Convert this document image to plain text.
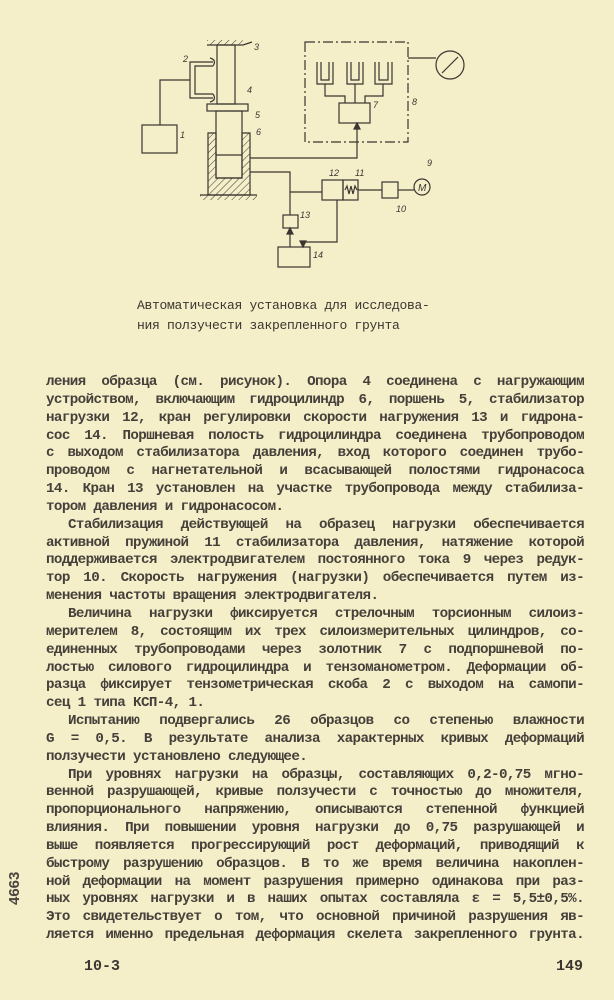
1
2
3
4
5
6
7	8
9
10
11
12
13
14
M
Автоматическая установка для исследова-
ния ползучести закрепленного грунта
ления образца (см. рисунок). Опора 4 соединена с нагружающим
устройством, включающим гидроцилиндр 6, поршень 5, стабилизатор
нагрузки 12, кран регулировки скорости нагружения 13 и гидрона-
сос 14. Поршневая полость гидроцилиндра соединена трубопроводом
с выходом стабилизатора давления, вход которого соединен трубо-
проводом с нагнетательной и всасывающей полостями гидронасоса
14. Кран 13 установлен на участке трубопровода между стабилиза-
тором давления и гидронасосом.
Стабилизация действующей на образец нагрузки обеспечивается
активной пружиной 11 стабилизатора давления, натяжение которой
поддерживается электродвигателем постоянного тока 9 через редук-
тор 10. Скорость нагружения (нагрузки) обеспечивается путем из-
менения частоты вращения электродвигателя.
Величина нагрузки фиксируется стрелочным торсионным силоиз-
мерителем 8, состоящим их трех силоизмерительных цилиндров, со-
единенных трубопроводами через золотник 7 с подпоршневой по-
лостью силового гидроцилиндра и тензоманометром. Деформации об-
разца фиксирует тензометрическая скоба 2 с выходом на самопи-
сец 1 типа КСП-4, 1.
Испытанию подвергались 26 образцов со степенью влажности
G = 0,5. В результате анализа характерных кривых деформаций
ползучести установлено следующее.
При уровнях нагрузки на образцы, составляющих 0,2-0,75 мгно-
венной разрушающей, кривые ползучести с точностью до множителя,
пропорционального напряжению, описываются степенной функцией
влияния. При повышении уровня нагрузки до 0,75 разрушающей и
выше появляется прогрессирующий рост деформаций, приводящий к
быстрому разрушению образцов. В то же время величина накоплен-
ной деформации на момент разрушения примерно одинакова при раз-
ных уровнях нагрузки и в наших опытах составляла ε = 5,5±0,5%.
Это свидетельствует о том, что основной причиной разрушения яв-
ляется именно предельная деформация скелета закрепленного грунта.
4663
10-3	149
